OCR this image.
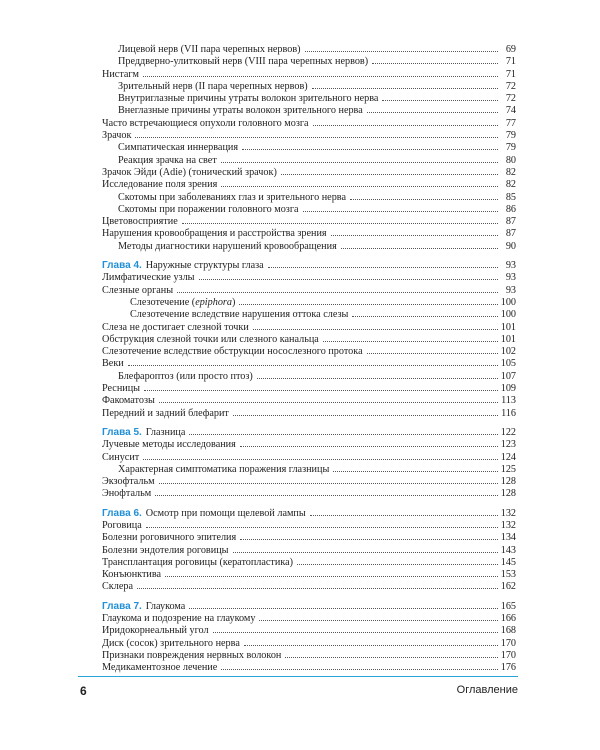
Лицевой нерв (VII пара черепных нервов)	69
Преддверно-улитковый нерв (VIII пара черепных нервов)	71
Нистагм	71
Зрительный нерв (II пара черепных нервов)	72
Внутриглазные причины утраты волокон зрительного нерва	72
Внеглазные причины утраты волокон зрительного нерва	74
Часто встречающиеся опухоли головного мозга	77
Зрачок	79
Симпатическая иннервация	79
Реакция зрачка на свет	80
Зрачок Эйди (Adie) (тонический зрачок)	82
Исследование поля зрения	82
Скотомы при заболеваниях глаз и зрительного нерва	85
Скотомы при поражении головного мозга	86
Цветовосприятие	87
Нарушения кровообращения и расстройства зрения	87
Методы диагностики нарушений кровообращения	90
Глава 4. Наружные структуры глаза	93
Лимфатические узлы	93
Слезные органы	93
Слезотечение (epiphora)	100
Слезотечение вследствие нарушения оттока слезы	100
Слеза не достигает слезной точки	101
Обструкция слезной точки или слезного канальца	101
Слезотечение вследствие обструкции носослезного протока	102
Веки	105
Блефароптоз (или просто птоз)	107
Ресницы	109
Факоматозы	113
Передний и задний блефарит	116
Глава 5. Глазница	122
Лучевые методы исследования	123
Синусит	124
Характерная симптоматика поражения глазницы	125
Экзофтальм	128
Энофтальм	128
Глава 6. Осмотр при помощи щелевой лампы	132
Роговица	132
Болезни роговичного эпителия	134
Болезни эндотелия роговицы	143
Трансплантация роговицы (кератопластика)	145
Конъюнктива	153
Склера	162
Глава 7. Глаукома	165
Глаукома и подозрение на глаукому	166
Иридокорнеальный угол	168
Диск (сосок) зрительного нерва	170
Признаки повреждения нервных волокон	170
Медикаментозное лечение	176
6	Оглавление
